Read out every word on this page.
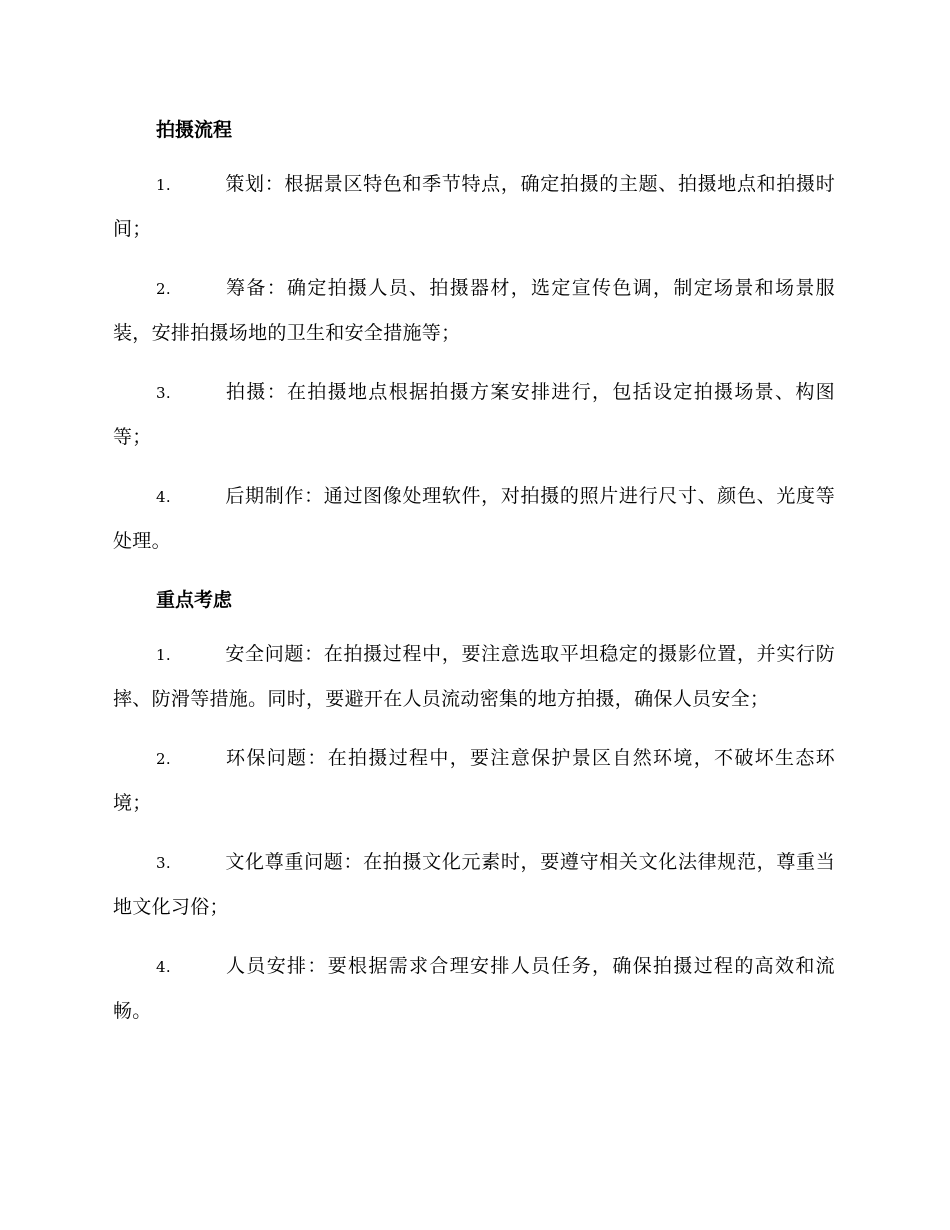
拍摄流程
1.	策划：根据景区特色和季节特点，确定拍摄的主题、拍摄地点和拍摄时间；
2.	筹备：确定拍摄人员、拍摄器材，选定宣传色调，制定场景和场景服装，安排拍摄场地的卫生和安全措施等；
3.	拍摄：在拍摄地点根据拍摄方案安排进行，包括设定拍摄场景、构图等；
4.	后期制作：通过图像处理软件，对拍摄的照片进行尺寸、颜色、光度等处理。
重点考虑
1.	安全问题：在拍摄过程中，要注意选取平坦稳定的摄影位置，并实行防摔、防滑等措施。同时，要避开在人员流动密集的地方拍摄，确保人员安全；
2.	环保问题：在拍摄过程中，要注意保护景区自然环境，不破坏生态环境；
3.	文化尊重问题：在拍摄文化元素时，要遵守相关文化法律规范，尊重当地文化习俗；
4.	人员安排：要根据需求合理安排人员任务，确保拍摄过程的高效和流畅。
